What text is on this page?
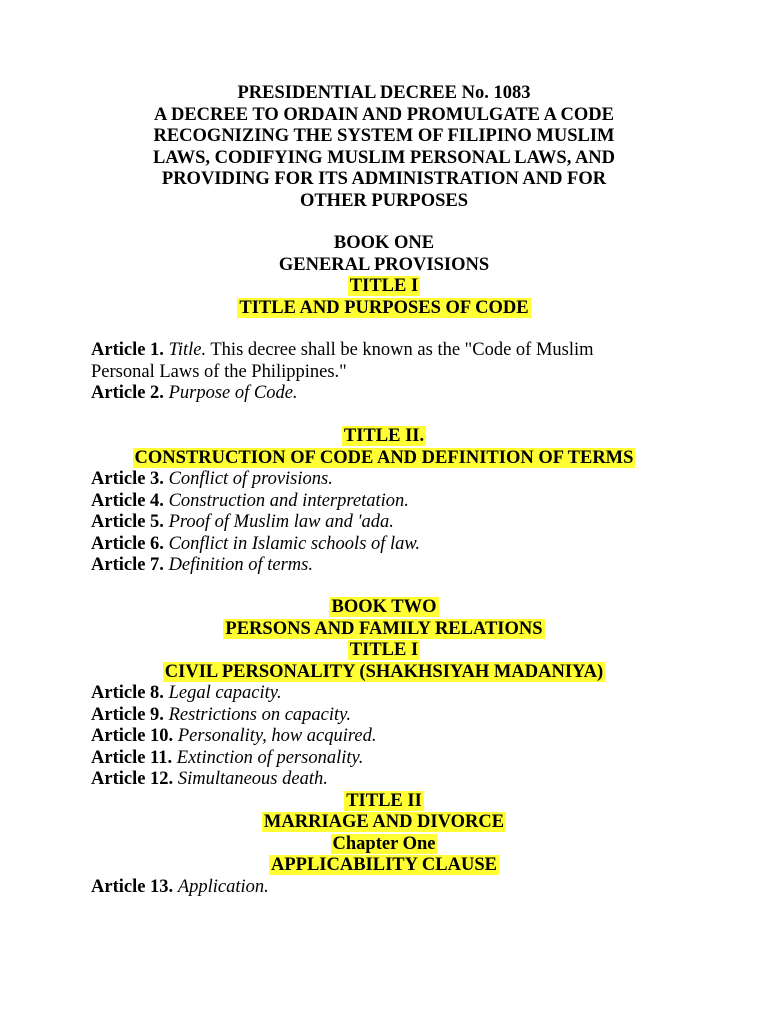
PRESIDENTIAL DECREE No. 1083
A DECREE TO ORDAIN AND PROMULGATE A CODE
RECOGNIZING THE SYSTEM OF FILIPINO MUSLIM
LAWS, CODIFYING MUSLIM PERSONAL LAWS, AND
PROVIDING FOR ITS ADMINISTRATION AND FOR
OTHER PURPOSES
BOOK ONE
GENERAL PROVISIONS
TITLE I
TITLE AND PURPOSES OF CODE
Article 1. Title. This decree shall be known as the "Code of Muslim
Personal Laws of the Philippines."
Article 2. Purpose of Code.
TITLE II.
CONSTRUCTION OF CODE AND DEFINITION OF TERMS
Article 3. Conflict of provisions.
Article 4. Construction and interpretation.
Article 5. Proof of Muslim law and 'ada.
Article 6. Conflict in Islamic schools of law.
Article 7. Definition of terms.
BOOK TWO
PERSONS AND FAMILY RELATIONS
TITLE I
CIVIL PERSONALITY (SHAKHSIYAH MADANIYA)
Article 8. Legal capacity.
Article 9. Restrictions on capacity.
Article 10. Personality, how acquired.
Article 11. Extinction of personality.
Article 12. Simultaneous death.
TITLE II
MARRIAGE AND DIVORCE
Chapter One
APPLICABILITY CLAUSE
Article 13. Application.
